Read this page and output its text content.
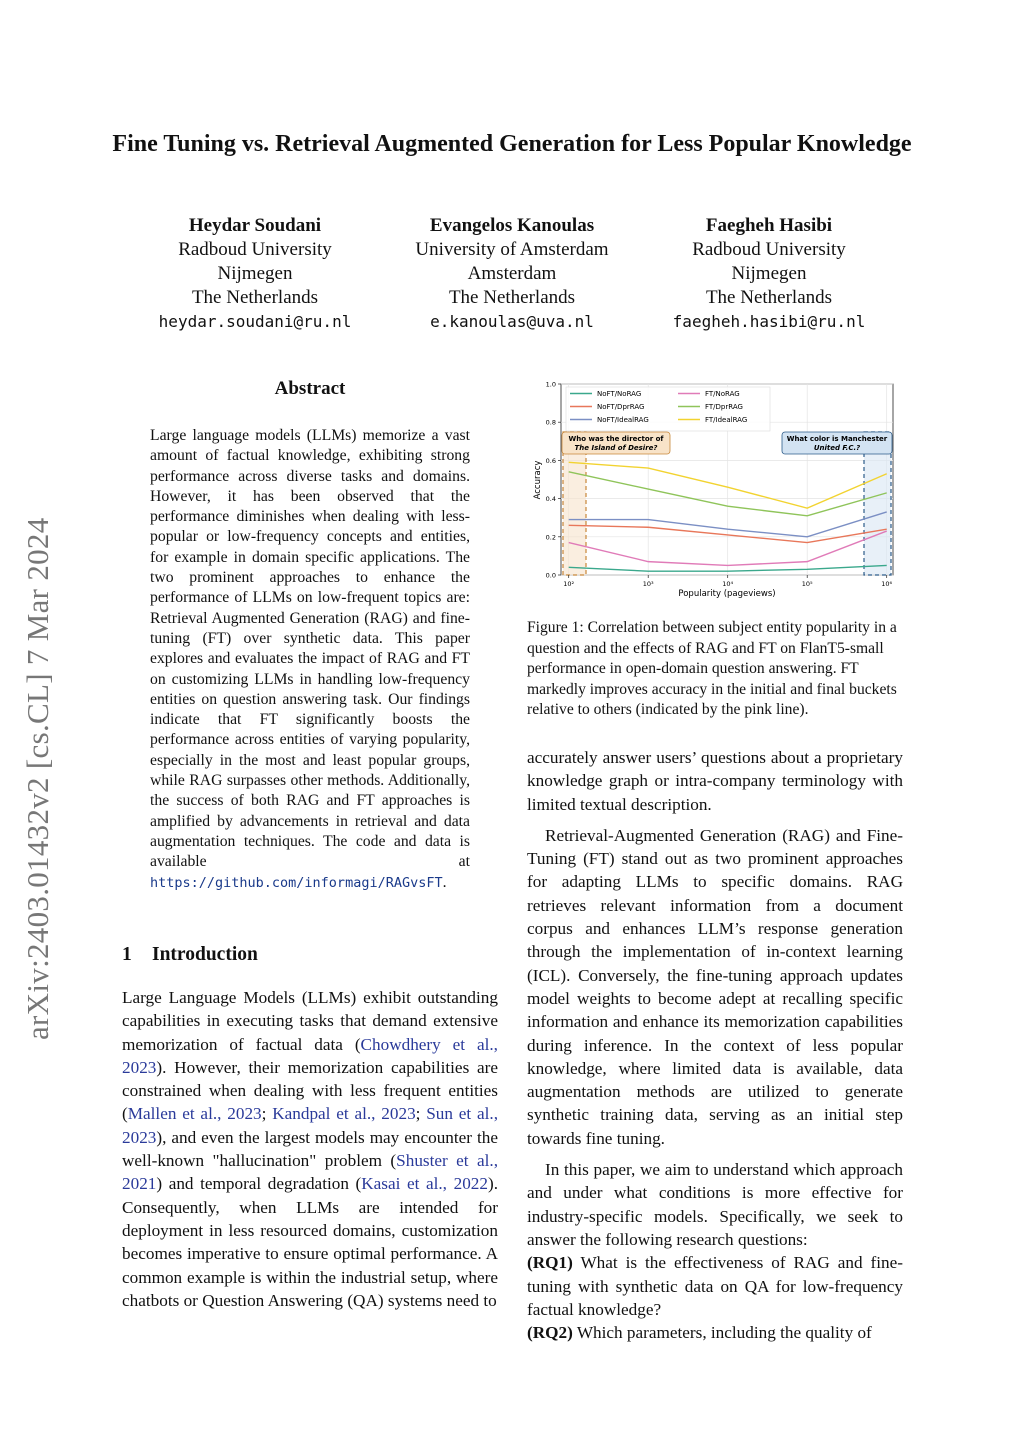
Fine Tuning vs. Retrieval Augmented Generation for Less Popular Knowledge
Heydar Soudani
Radboud University
Nijmegen
The Netherlands
heydar.soudani@ru.nl
Evangelos Kanoulas
University of Amsterdam
Amsterdam
The Netherlands
e.kanoulas@uva.nl
Faegheh Hasibi
Radboud University
Nijmegen
The Netherlands
faegheh.hasibi@ru.nl
arXiv:2403.01432v2 [cs.CL] 7 Mar 2024
Abstract
Large language models (LLMs) memorize a vast amount of factual knowledge, exhibiting strong performance across diverse tasks and domains. However, it has been observed that the performance diminishes when dealing with less-popular or low-frequency concepts and entities, for example in domain specific applications. The two prominent approaches to enhance the performance of LLMs on low-frequent topics are: Retrieval Augmented Generation (RAG) and fine-tuning (FT) over synthetic data. This paper explores and evaluates the impact of RAG and FT on customizing LLMs in handling low-frequency entities on question answering task. Our findings indicate that FT significantly boosts the performance across entities of varying popularity, especially in the most and least popular groups, while RAG surpasses other methods. Additionally, the success of both RAG and FT approaches is amplified by advancements in retrieval and data augmentation techniques. The code and data is available at https://github.com/informagi/RAGvsFT.
1 Introduction

Large Language Models (LLMs) exhibit outstanding capabilities in executing tasks that demand extensive memorization of factual data (Chowdhery et al., 2023). However, their memorization capabilities are constrained when dealing with less frequent entities (Mallen et al., 2023; Kandpal et al., 2023; Sun et al., 2023), and even the largest models may encounter the well-known "hallucination" problem (Shuster et al., 2021) and temporal degradation (Kasai et al., 2022). Consequently, when LLMs are intended for deployment in less resourced domains, customization becomes imperative to ensure optimal performance. A common example is within the industrial setup, where chatbots or Question Answering (QA) systems need to

Who was the director of
The Island of Desire?
What color is Manchester
United F.C.?
NoFT/NoRAG
NoFT/DprRAG
NoFT/IdealRAG
FT/NoRAG
FT/DprRAG
FT/IdealRAG
0.0
0.2
0.4
0.6
0.8
1.0
10²	10³	10⁴	10⁵	10⁶
Popularity (pageviews)
Accuracy
Figure 1: Correlation between subject entity popularity in a question and the effects of RAG and FT on FlanT5-small performance in open-domain question answering. FT markedly improves accuracy in the initial and final buckets relative to others (indicated by the pink line).

accurately answer users’ questions about a proprietary knowledge graph or intra-company terminology with limited textual description.

Retrieval-Augmented Generation (RAG) and Fine-Tuning (FT) stand out as two prominent approaches for adapting LLMs to specific domains. RAG retrieves relevant information from a document corpus and enhances LLM’s response generation through the implementation of in-context learning (ICL). Conversely, the fine-tuning approach updates model weights to become adept at recalling specific information and enhance its memorization capabilities during inference. In the context of less popular knowledge, where limited data is available, data augmentation methods are utilized to generate synthetic training data, serving as an initial step towards fine tuning.

In this paper, we aim to understand which approach and under what conditions is more effective for industry-specific models. Specifically, we seek to answer the following research questions:

(RQ1) What is the effectiveness of RAG and fine-tuning with synthetic data on QA for low-frequency factual knowledge?

(RQ2) Which parameters, including the quality of
